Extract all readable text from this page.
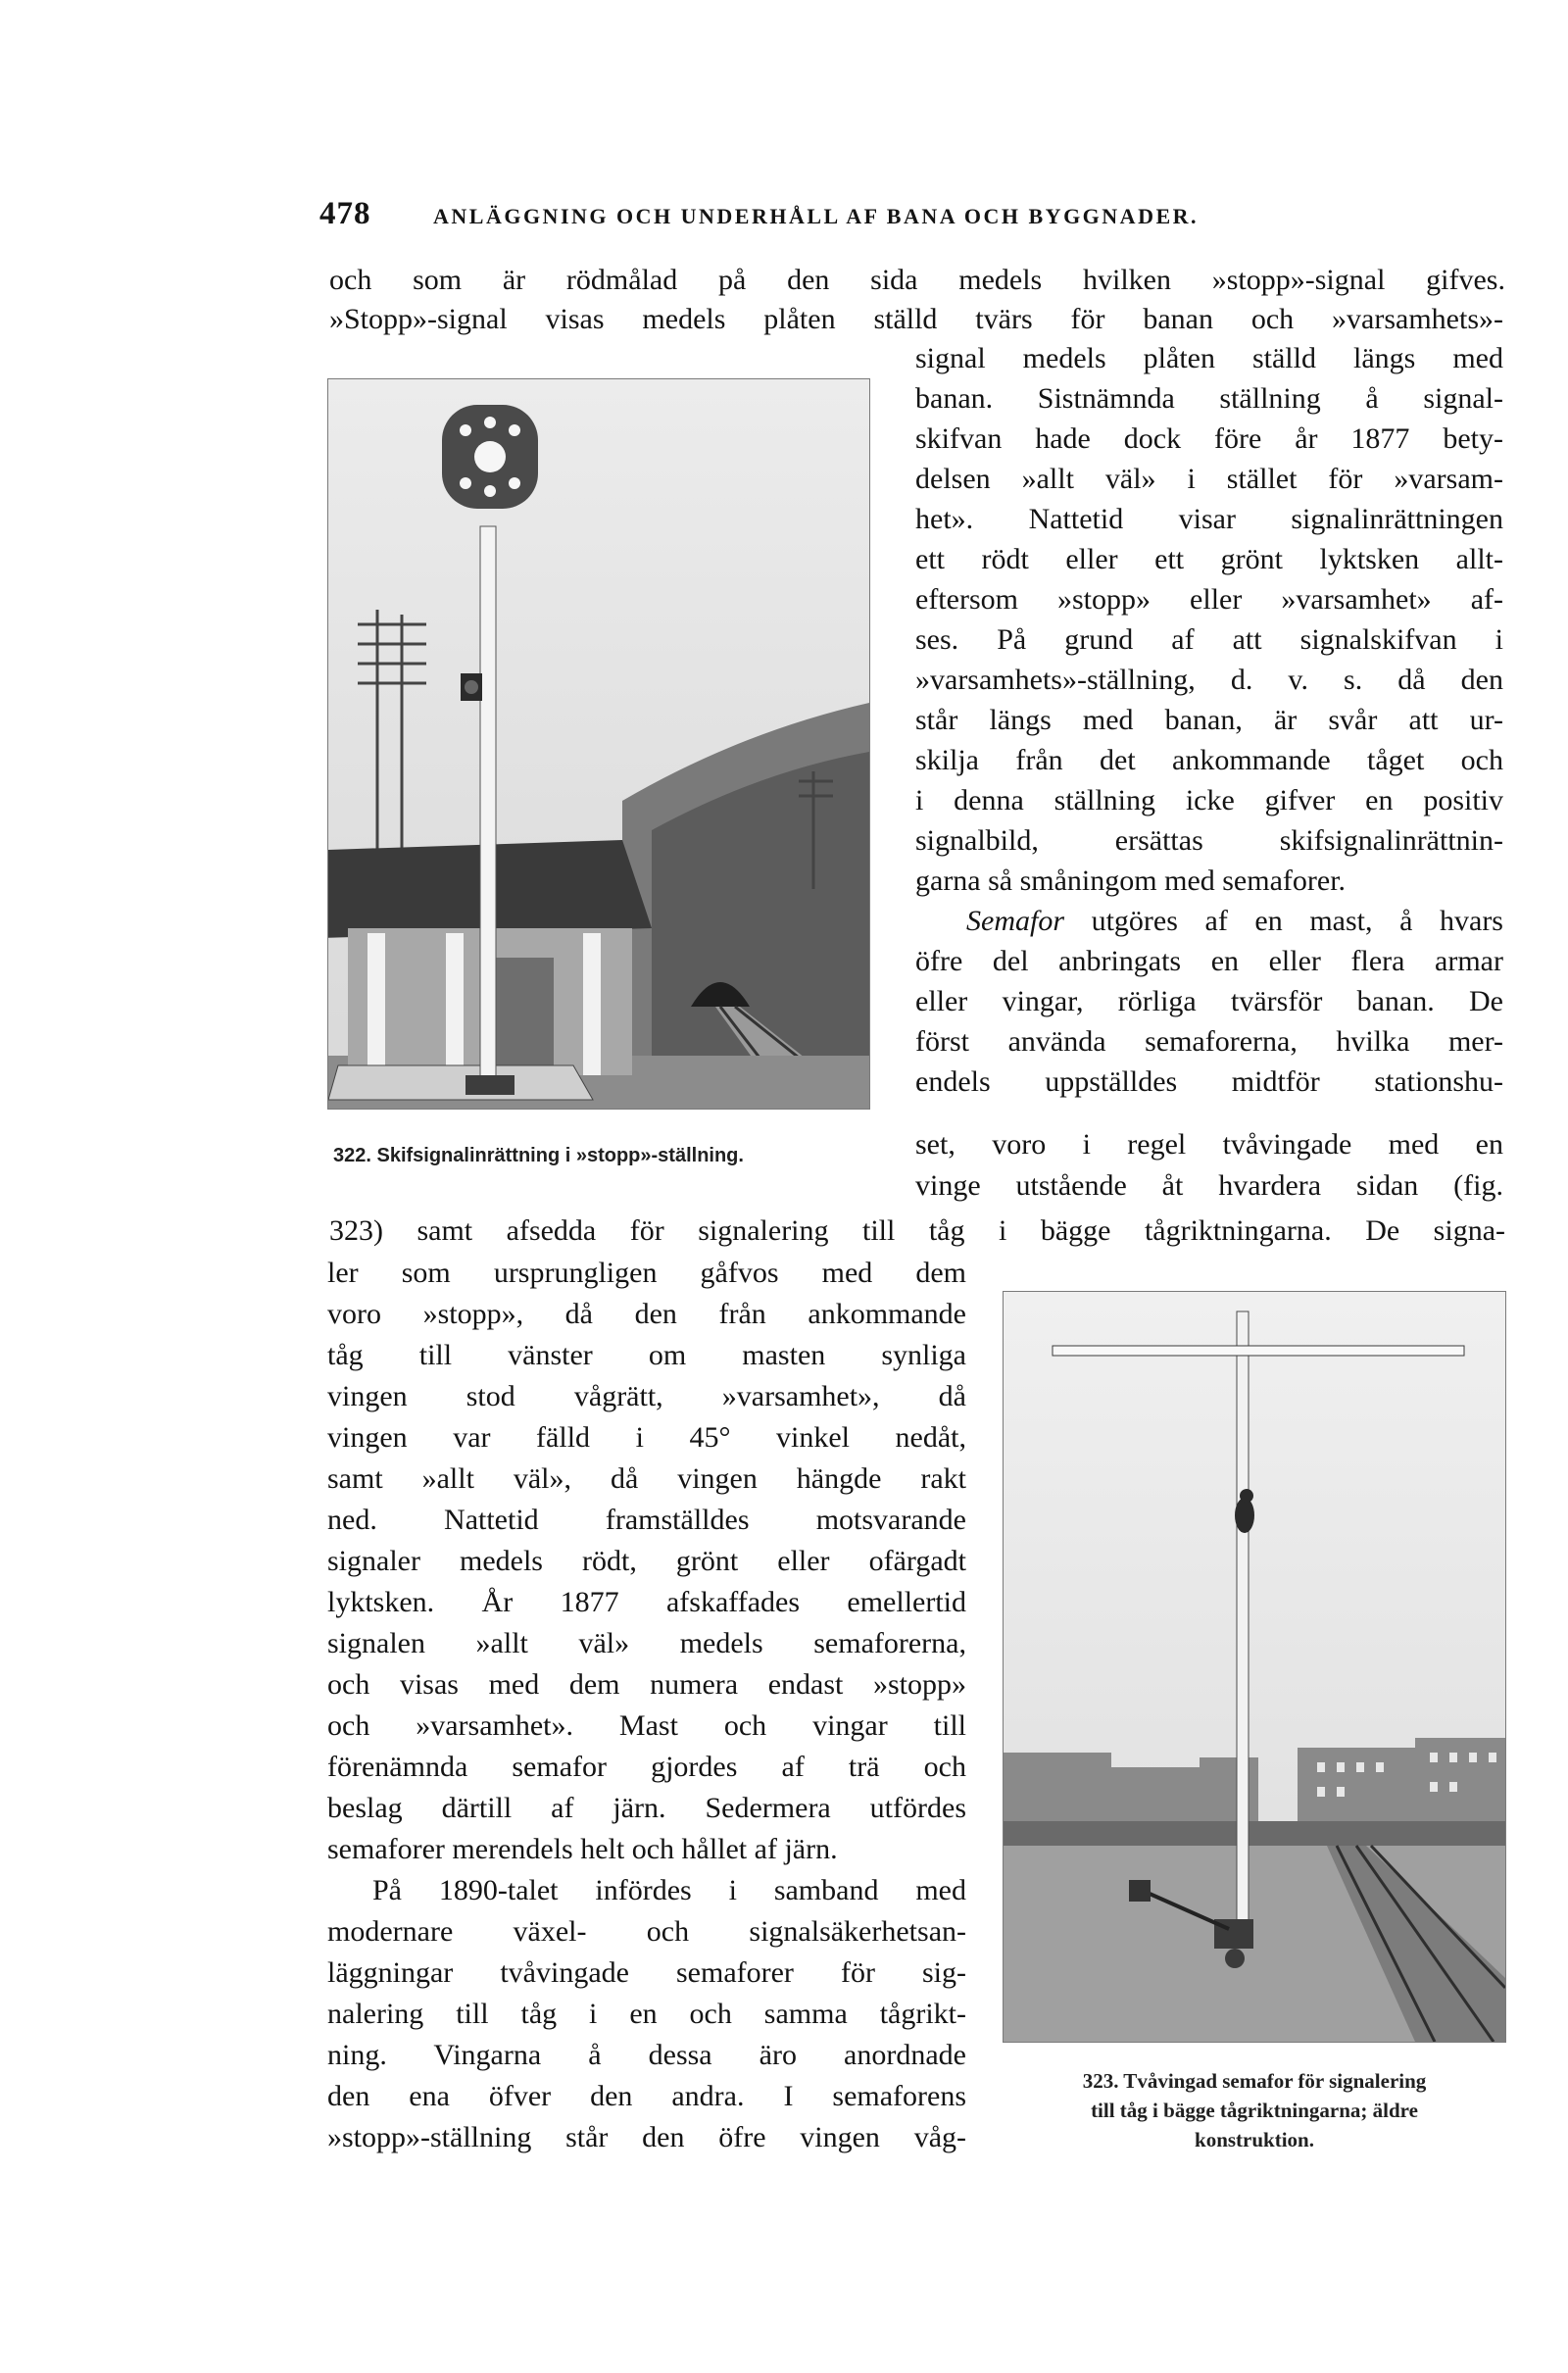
478	ANLÄGGNING OCH UNDERHÅLL AF BANA OCH BYGGNADER.
och som är rödmålad på den sida medels hvilken »stopp»-signal gifves.
»Stopp»-signal visas medels plåten ställd tvärs för banan och »varsamhets»-
signal medels plåten ställd längs med
banan. Sistnämnda ställning å signal-
skifvan hade dock före år 1877 bety-
delsen »allt väl» i stället för »varsam-
het». Nattetid visar signalinrättningen
ett rödt eller ett grönt lyktsken allt-
eftersom »stopp» eller »varsamhet» af-
ses. På grund af att signalskifvan i
»varsamhets»-ställning, d. v. s. då den
står längs med banan, är svår att ur-
skilja från det ankommande tåget och
i denna ställning icke gifver en positiv
signalbild, ersättas skifsignalinrättnin-
garna så småningom med semaforer.
Semafor utgöres af en mast, å hvars
öfre del anbringats en eller flera armar
eller vingar, rörliga tvärsför banan. De
först använda semaforerna, hvilka mer-
endels uppställdes midtför stationshu-
set, voro i regel tvåvingade med en
vinge utstående åt hvardera sidan (fig.
322. Skifsignalinrättning i »stopp»-ställning.
323) samt afsedda för signalering till tåg i bägge tågriktningarna. De signa-
ler som ursprungligen gåfvos med dem
voro »stopp», då den från ankommande
tåg till vänster om masten synliga
vingen stod vågrätt, »varsamhet», då
vingen var fälld i 45° vinkel nedåt,
samt »allt väl», då vingen hängde rakt
ned. Nattetid framställdes motsvarande
signaler medels rödt, grönt eller ofärgadt
lyktsken. År 1877 afskaffades emellertid
signalen »allt väl» medels semaforerna,
och visas med dem numera endast »stopp»
och »varsamhet». Mast och vingar till
förenämnda semafor gjordes af trä och
beslag därtill af järn. Sedermera utfördes
semaforer merendels helt och hållet af järn.
På 1890-talet infördes i samband med
modernare växel- och signalsäkerhetsan-
läggningar tvåvingade semaforer för sig-
nalering till tåg i en och samma tågrikt-
ning. Vingarna å dessa äro anordnade
den ena öfver den andra. I semaforens
»stopp»-ställning står den öfre vingen våg-
323. Tvåvingad semafor för signalering
till tåg i bägge tågriktningarna; äldre
konstruktion.
